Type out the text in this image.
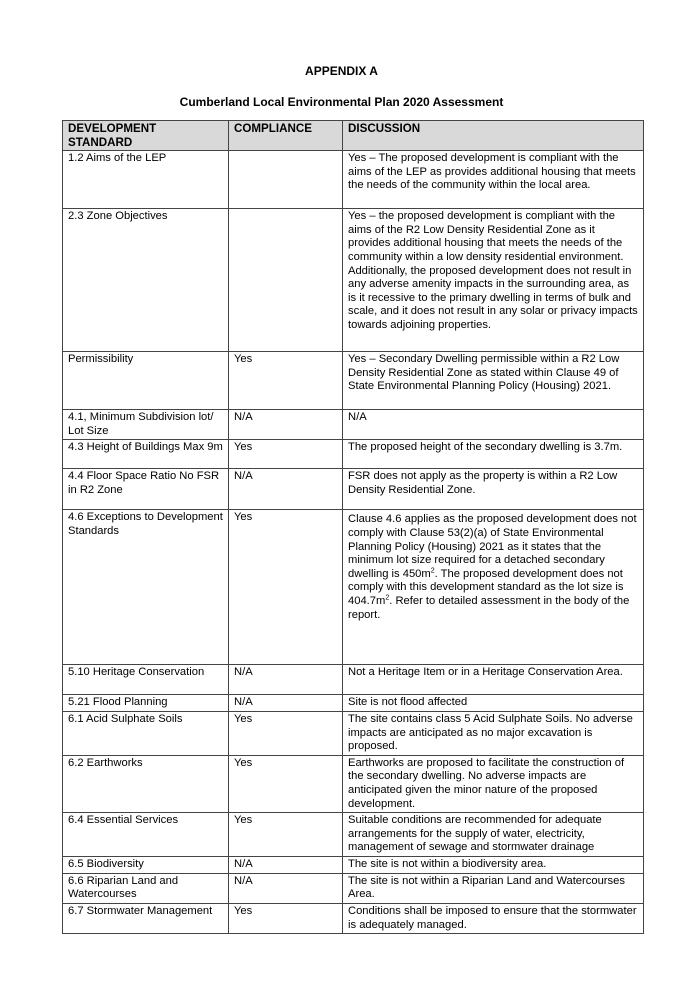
APPENDIX A
Cumberland Local Environmental Plan 2020 Assessment
DEVELOPMENT STANDARD	COMPLIANCE	DISCUSSION
1.2 Aims of the LEP		Yes – The proposed development is compliant with the aims of the LEP as provides additional housing that meets the needs of the community within the local area.
2.3 Zone Objectives		Yes – the proposed development is compliant with the aims of the R2 Low Density Residential Zone as it provides additional housing that meets the needs of the community within a low density residential environment. Additionally, the proposed development does not result in any adverse amenity impacts in the surrounding area, as is it recessive to the primary dwelling in terms of bulk and scale, and it does not result in any solar or privacy impacts towards adjoining properties.
Permissibility	Yes	Yes – Secondary Dwelling permissible within a R2 Low Density Residential Zone as stated within Clause 49 of State Environmental Planning Policy (Housing) 2021.
4.1, Minimum Subdivision lot/ Lot Size	N/A	N/A
4.3 Height of Buildings Max 9m	Yes	The proposed height of the secondary dwelling is 3.7m.
4.4 Floor Space Ratio No FSR in R2 Zone	N/A	FSR does not apply as the property is within a R2 Low Density Residential Zone.
4.6 Exceptions to Development Standards	Yes	Clause 4.6 applies as the proposed development does not comply with Clause 53(2)(a) of State Environmental Planning Policy (Housing) 2021 as it states that the minimum lot size required for a detached secondary dwelling is $450m^2$. The proposed development does not comply with this development standard as the lot size is $404.7m^2$. Refer to detailed assessment in the body of the report.
5.10 Heritage Conservation	N/A	Not a Heritage Item or in a Heritage Conservation Area.
5.21 Flood Planning	N/A	Site is not flood affected
6.1 Acid Sulphate Soils	Yes	The site contains class 5 Acid Sulphate Soils. No adverse impacts are anticipated as no major excavation is proposed.
6.2 Earthworks	Yes	Earthworks are proposed to facilitate the construction of the secondary dwelling. No adverse impacts are anticipated given the minor nature of the proposed development.
6.4 Essential Services	Yes	Suitable conditions are recommended for adequate arrangements for the supply of water, electricity, management of sewage and stormwater drainage
6.5 Biodiversity	N/A	The site is not within a biodiversity area.
6.6 Riparian Land and Watercourses	N/A	The site is not within a Riparian Land and Watercourses Area.
6.7 Stormwater Management	Yes	Conditions shall be imposed to ensure that the stormwater is adequately managed.
